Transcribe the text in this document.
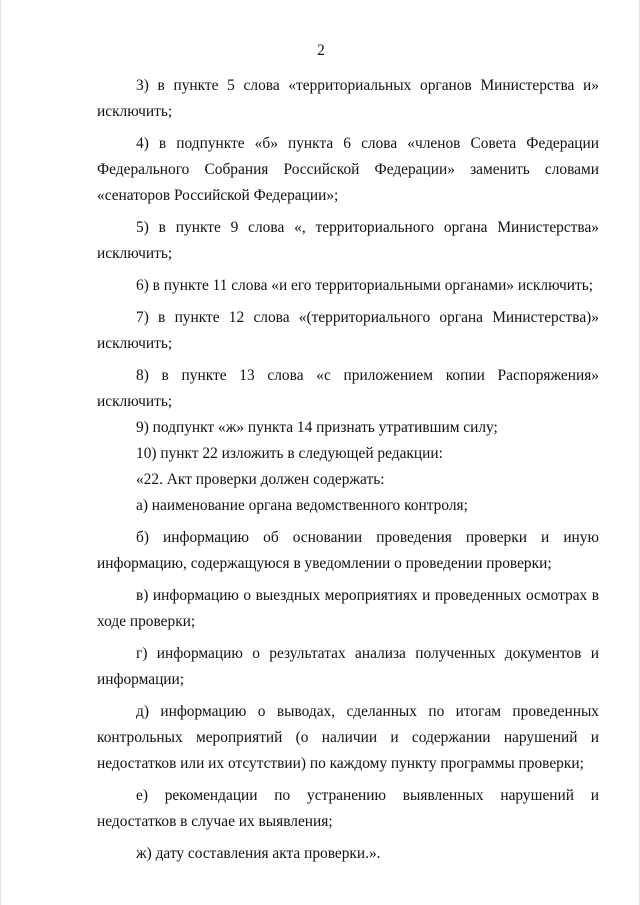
2

3) в пункте 5 слова «территориальных органов Министерства и» исключить;

4) в подпункте «б» пункта 6 слова «членов Совета Федерации Федерального Собрания Российской Федерации» заменить словами «сенаторов Российской Федерации»;

5) в пункте 9 слова «, территориального органа Министерства» исключить;

6) в пункте 11 слова «и его территориальными органами» исключить;

7) в пункте 12 слова «(территориального органа Министерства)» исключить;

8) в пункте 13 слова «с приложением копии Распоряжения» исключить;

9) подпункт «ж» пункта 14 признать утратившим силу;

10) пункт 22 изложить в следующей редакции:

«22. Акт проверки должен содержать:

а) наименование органа ведомственного контроля;

б) информацию об основании проведения проверки и иную информацию, содержащуюся в уведомлении о проведении проверки;

в) информацию о выездных мероприятиях и проведенных осмотрах в ходе проверки;

г) информацию о результатах анализа полученных документов и информации;

д) информацию о выводах, сделанных по итогам проведенных контрольных мероприятий (о наличии и содержании нарушений и недостатков или их отсутствии) по каждому пункту программы проверки;

е) рекомендации по устранению выявленных нарушений и недостатков в случае их выявления;

ж) дату составления акта проверки.».
